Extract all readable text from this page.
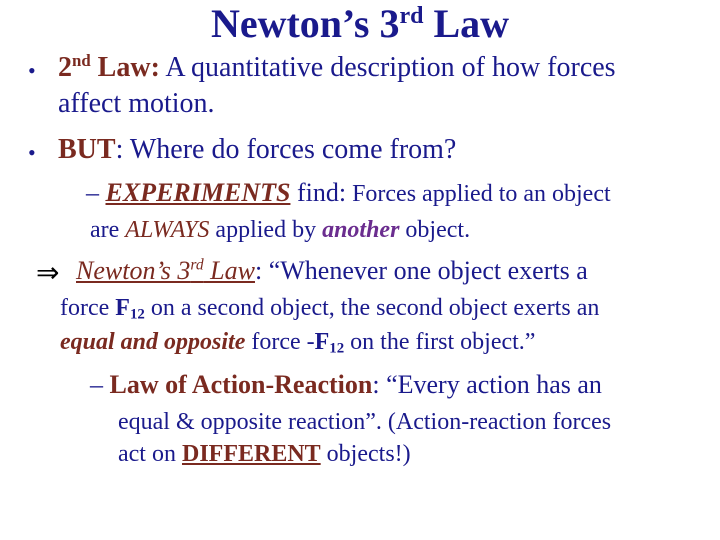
Newton’s 3rd Law
• 2nd Law: A quantitative description of how forces
affect motion.
• BUT: Where do forces come from?
– EXPERIMENTS find: Forces applied to an object
are ALWAYS applied by another object.
⇒ Newton’s 3rd Law: “Whenever one object exerts a
force $F_{12}$ on a second object, the second object exerts an
equal and opposite force $-F_{12}$ on the first object.”
– Law of Action-Reaction: “Every action has an
equal & opposite reaction”. (Action-reaction forces
act on DIFFERENT objects!)
